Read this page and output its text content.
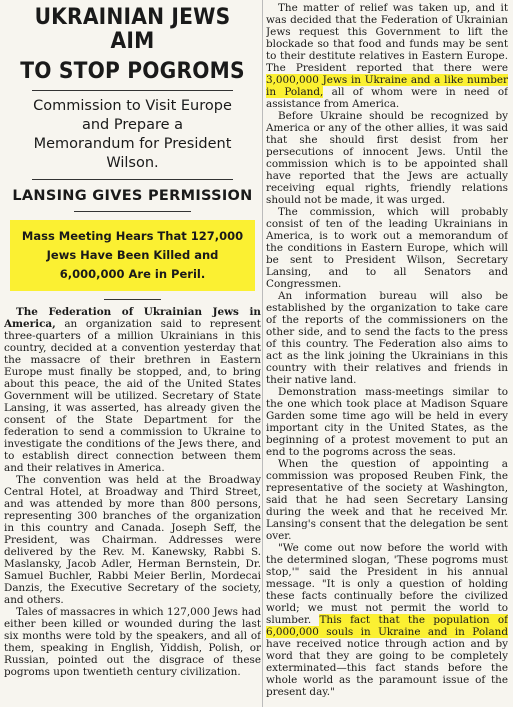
UKRAINIAN JEWS AIM
TO STOP POGROMS
Commission to Visit Europe and Prepare a Memorandum for President Wilson.
LANSING GIVES PERMISSION
Mass Meeting Hears That 127,000 Jews Have Been Killed and 6,000,000 Are in Peril.

The Federation of Ukrainian Jews in America, an organization said to represent three-quarters of a million Ukrainians in this country, decided at a convention yesterday that the massacre of their brethren in Eastern Europe must finally be stopped, and, to bring about this peace, the aid of the United States Government will be utilized. Secretary of State Lansing, it was asserted, has already given the consent of the State Department for the federation to send a commission to Ukraine to investigate the conditions of the Jews there, and to establish direct connection between them and their relatives in America.

The convention was held at the Broadway Central Hotel, at Broadway and Third Street, and was attended by more than 800 persons, representing 300 branches of the organization in this country and Canada. Joseph Seff, the President, was Chairman. Addresses were delivered by the Rev. M. Kanewsky, Rabbi S. Maslansky, Jacob Adler, Herman Bernstein, Dr. Samuel Buchler, Rabbi Meier Berlin, Mordecai Danzis, the Executive Secretary of the society, and others.

Tales of massacres in which 127,000 Jews had either been killed or wounded during the last six months were told by the speakers, and all of them, speaking in English, Yiddish, Polish, or Russian, pointed out the disgrace of these pogroms upon twentieth century civilization.

The matter of relief was taken up, and it was decided that the Federation of Ukrainian Jews request this Government to lift the blockade so that food and funds may be sent to their destitute relatives in Eastern Europe. The President reported that there were 3,000,000 Jews in Ukraine and a like number in Poland, all of whom were in need of assistance from America.

Before Ukraine should be recognized by America or any of the other allies, it was said that she should first desist from her persecutions of innocent Jews. Until the commission which is to be appointed shall have reported that the Jews are actually receiving equal rights, friendly relations should not be made, it was urged.

The commission, which will probably consist of ten of the leading Ukrainians in America, is to work out a memorandum of the conditions in Eastern Europe, which will be sent to President Wilson, Secretary Lansing, and to all Senators and Congressmen.

An information bureau will also be established by the organization to take care of the reports of the commissioners on the other side, and to send the facts to the press of this country. The Federation also aims to act as the link joining the Ukrainians in this country with their relatives and friends in their native land.

Demonstration mass-meetings similar to the one which took place at Madison Square Garden some time ago will be held in every important city in the United States, as the beginning of a protest movement to put an end to the pogroms across the seas.

When the question of appointing a commission was proposed Reuben Fink, the representative of the society at Washington, said that he had seen Secretary Lansing during the week and that he received Mr. Lansing's consent that the delegation be sent over.

"We come out now before the world with the determined slogan, 'These pogroms must stop,'" said the President in his annual message. "It is only a question of holding these facts continually before the civilized world; we must not permit the world to slumber. This fact that the population of 6,000,000 souls in Ukraine and in Poland have received notice through action and by word that they are going to be completely exterminated—this fact stands before the whole world as the paramount issue of the present day."
